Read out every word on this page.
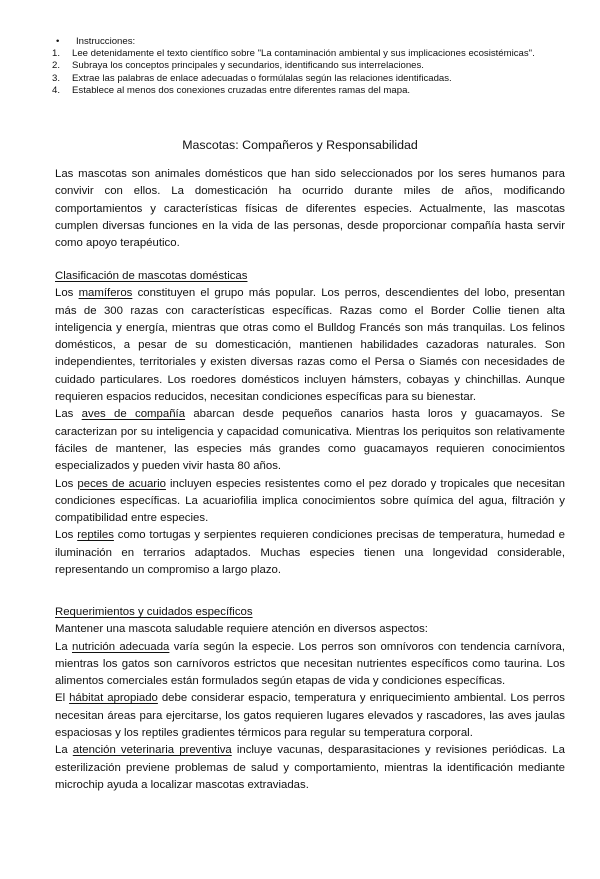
• Instrucciones:

1. Lee detenidamente el texto científico sobre "La contaminación ambiental y sus implicaciones ecosistémicas".
2. Subraya los conceptos principales y secundarios, identificando sus interrelaciones.
3. Extrae las palabras de enlace adecuadas o formúlalas según las relaciones identificadas.
4. Establece al menos dos conexiones cruzadas entre diferentes ramas del mapa.
Mascotas: Compañeros y Responsabilidad

Las mascotas son animales domésticos que han sido seleccionados por los seres humanos para convivir con ellos. La domesticación ha ocurrido durante miles de años, modificando comportamientos y características físicas de diferentes especies. Actualmente, las mascotas cumplen diversas funciones en la vida de las personas, desde proporcionar compañía hasta servir como apoyo terapéutico.

Clasificación de mascotas domésticas

Los mamíferos constituyen el grupo más popular. Los perros, descendientes del lobo, presentan más de 300 razas con características específicas. Razas como el Border Collie tienen alta inteligencia y energía, mientras que otras como el Bulldog Francés son más tranquilas. Los felinos domésticos, a pesar de su domesticación, mantienen habilidades cazadoras naturales. Son independientes, territoriales y existen diversas razas como el Persa o Siamés con necesidades de cuidado particulares. Los roedores domésticos incluyen hámsters, cobayas y chinchillas. Aunque requieren espacios reducidos, necesitan condiciones específicas para su bienestar.

Las aves de compañía abarcan desde pequeños canarios hasta loros y guacamayos. Se caracterizan por su inteligencia y capacidad comunicativa. Mientras los periquitos son relativamente fáciles de mantener, las especies más grandes como guacamayos requieren conocimientos especializados y pueden vivir hasta 80 años.

Los peces de acuario incluyen especies resistentes como el pez dorado y tropicales que necesitan condiciones específicas. La acuariofilia implica conocimientos sobre química del agua, filtración y compatibilidad entre especies.

Los reptiles como tortugas y serpientes requieren condiciones precisas de temperatura, humedad e iluminación en terrarios adaptados. Muchas especies tienen una longevidad considerable, representando un compromiso a largo plazo.

Requerimientos y cuidados específicos

Mantener una mascota saludable requiere atención en diversos aspectos:

La nutrición adecuada varía según la especie. Los perros son omnívoros con tendencia carnívora, mientras los gatos son carnívoros estrictos que necesitan nutrientes específicos como taurina. Los alimentos comerciales están formulados según etapas de vida y condiciones específicas.

El hábitat apropiado debe considerar espacio, temperatura y enriquecimiento ambiental. Los perros necesitan áreas para ejercitarse, los gatos requieren lugares elevados y rascadores, las aves jaulas espaciosas y los reptiles gradientes térmicos para regular su temperatura corporal.

La atención veterinaria preventiva incluye vacunas, desparasitaciones y revisiones periódicas. La esterilización previene problemas de salud y comportamiento, mientras la identificación mediante microchip ayuda a localizar mascotas extraviadas.
